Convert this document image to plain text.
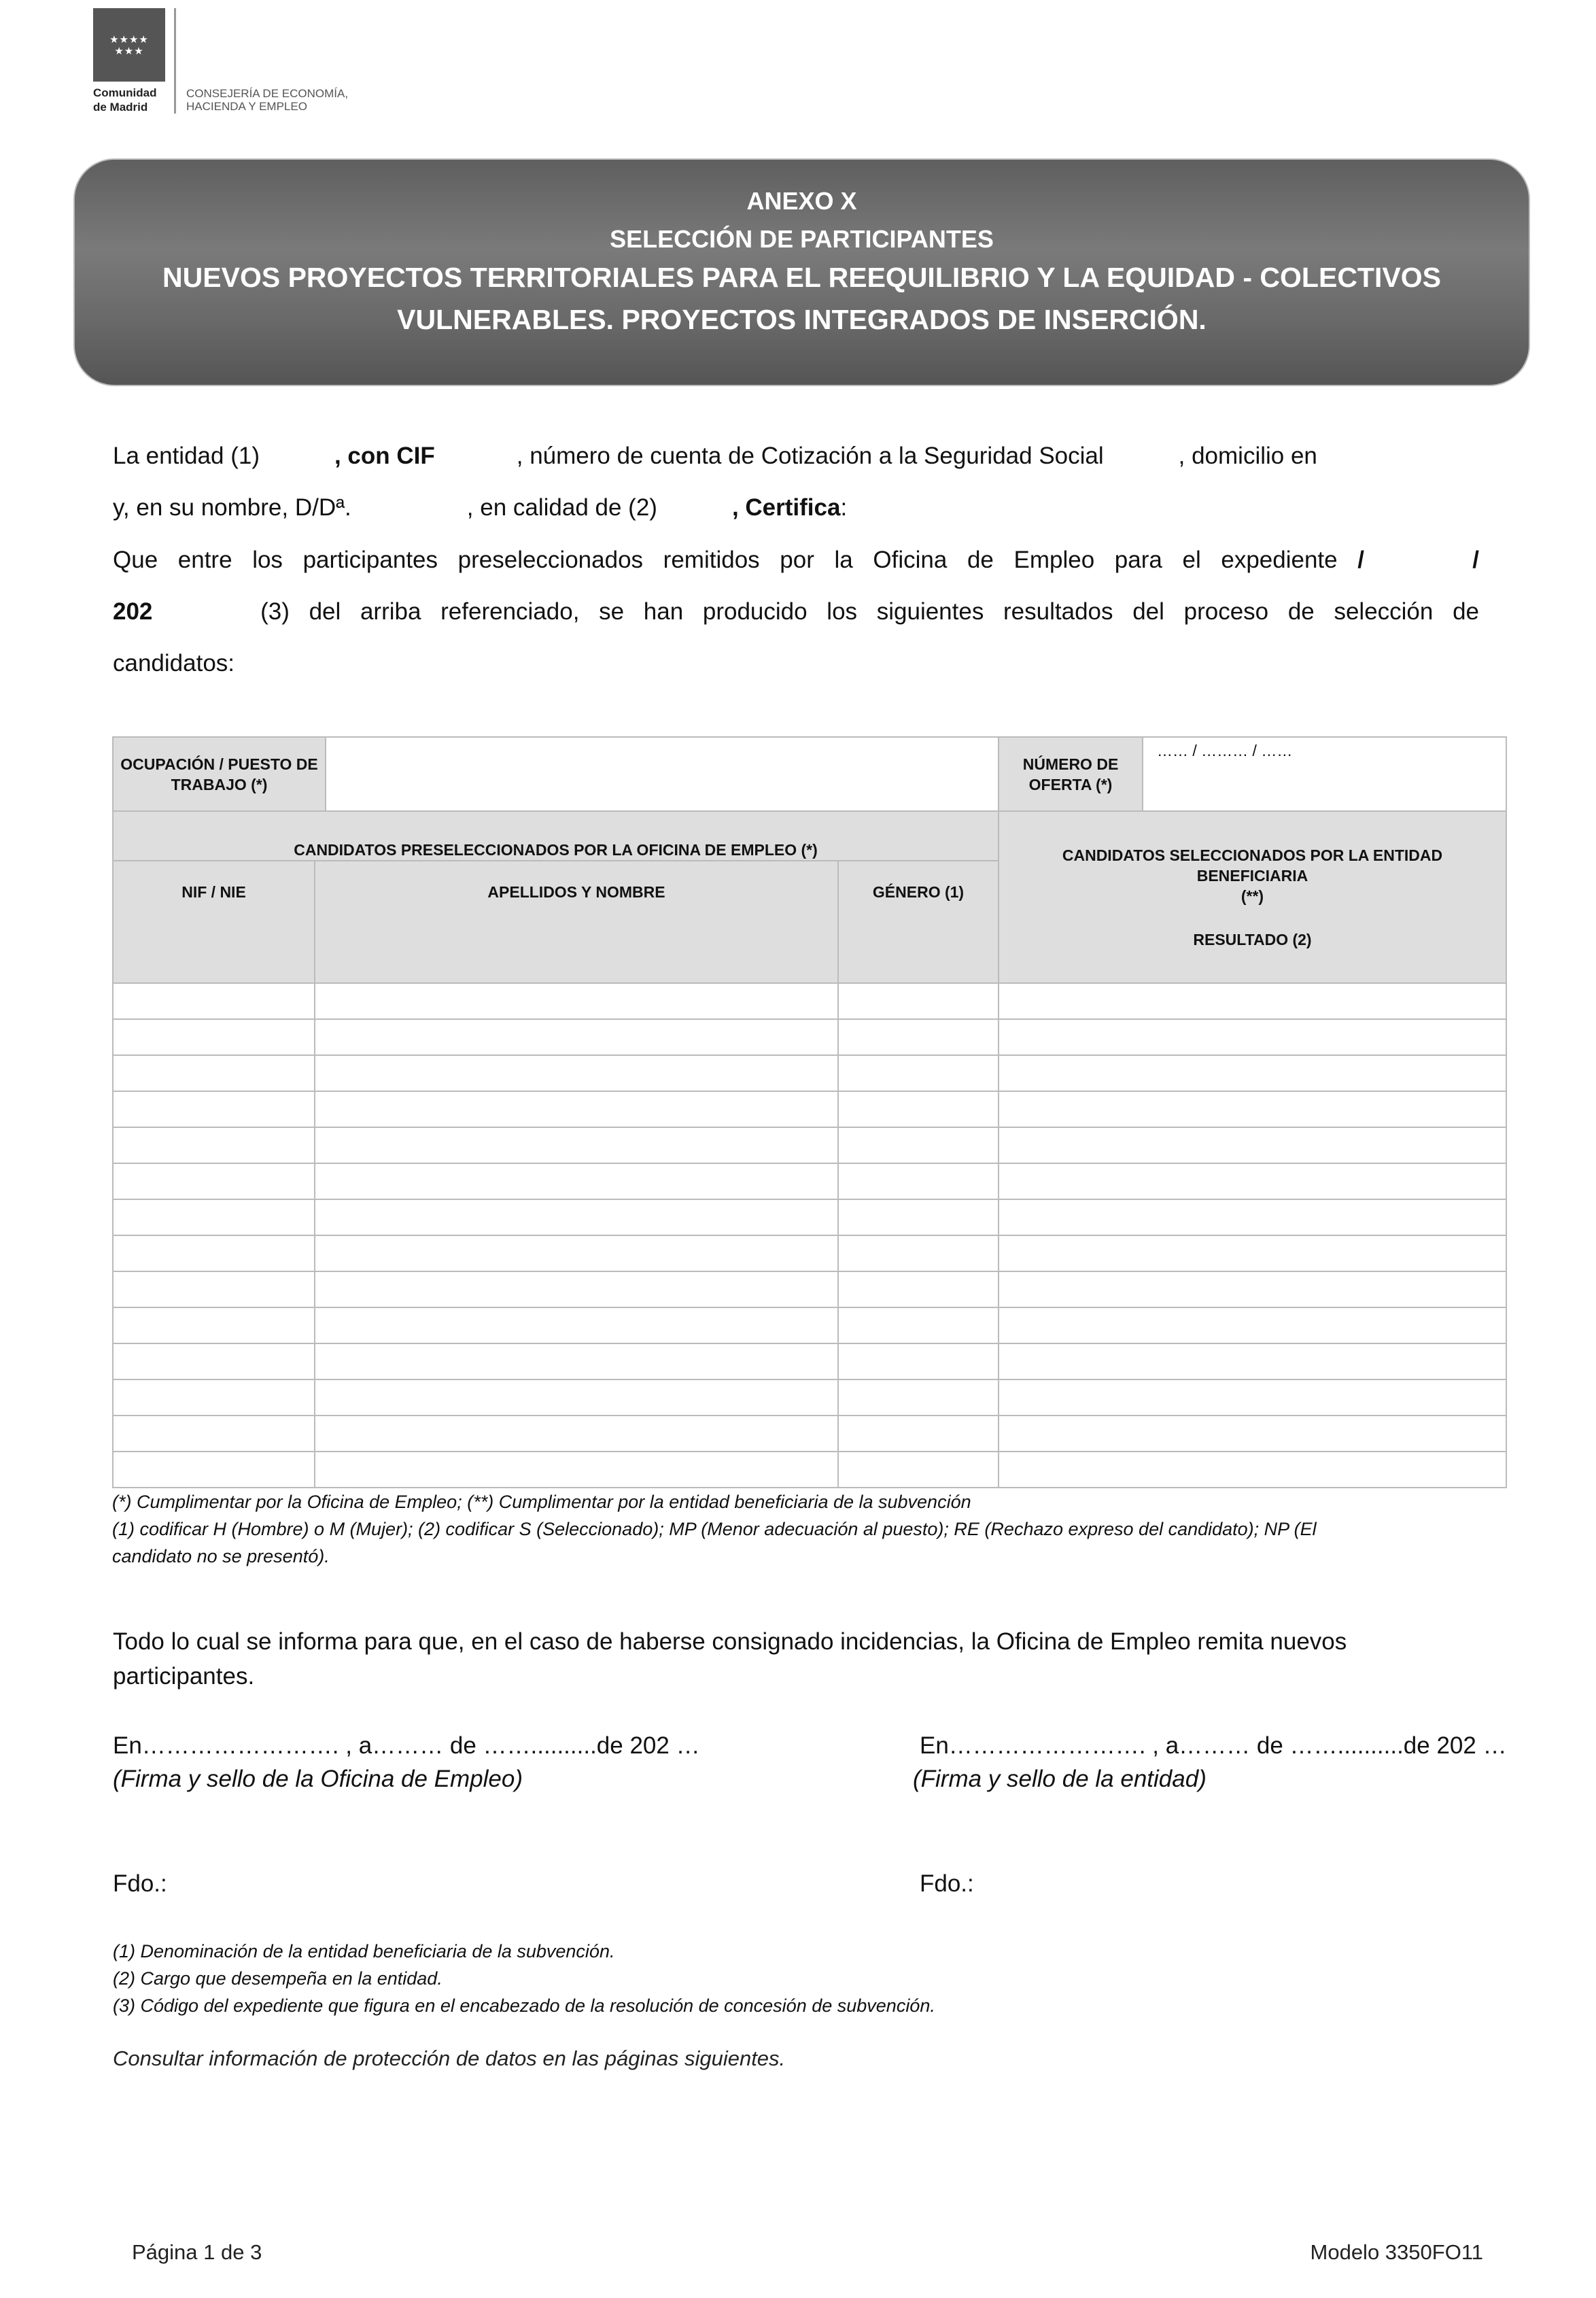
★★★★
★★★
Comunidad
de Madrid
CONSEJERÍA DE ECONOMÍA,
HACIENDA Y EMPLEO
ANEXO X
SELECCIÓN DE PARTICIPANTES
NUEVOS PROYECTOS TERRITORIALES PARA EL REEQUILIBRIO Y LA EQUIDAD - COLECTIVOS
VULNERABLES. PROYECTOS INTEGRADOS DE INSERCIÓN.
La entidad (1)	, con CIF	, número de cuenta de Cotización a la Seguridad Social	, domicilio en
y, en su nombre, D/Dª.	, en calidad de (2)	, Certifica:
Que entre los participantes preseleccionados remitidos por la Oficina de Empleo para el expediente /	/
202	(3) del arriba referenciado, se han producido los siguientes resultados del proceso de selección de
candidatos:
OCUPACIÓN / PUESTO DE TRABAJO (*)				NÚMERO DE OFERTA (*)	…… / ……… / ……
CANDIDATOS PRESELECCIONADOS POR LA OFICINA DE EMPLEO (*)				CANDIDATOS SELECCIONADOS POR LA ENTIDAD BENEFICIARIA
(**)
RESULTADO (2)	

NIF / NIE	APELLIDOS Y NOMBRE		GÉNERO (1)		

(*) Cumplimentar por la Oficina de Empleo; (**) Cumplimentar por la entidad beneficiaria de la subvención
(1) codificar H (Hombre) o M (Mujer); (2) codificar S (Seleccionado); MP (Menor adecuación al puesto); RE (Rechazo expreso del candidato); NP (El
candidato no se presentó).
Todo lo cual se informa para que, en el caso de haberse consignado incidencias, la Oficina de Empleo remita nuevos
participantes.
En……………………. , a……… de ……..........de 202 …	En……………………. , a……… de ……..........de 202 …
(Firma y sello de la Oficina de Empleo)	(Firma y sello de la entidad)
Fdo.:	Fdo.:
(1) Denominación de la entidad beneficiaria de la subvención.
(2) Cargo que desempeña en la entidad.
(3) Código del expediente que figura en el encabezado de la resolución de concesión de subvención.
Consultar información de protección de datos en las páginas siguientes.
Página 1 de 3	Modelo 3350FO11
